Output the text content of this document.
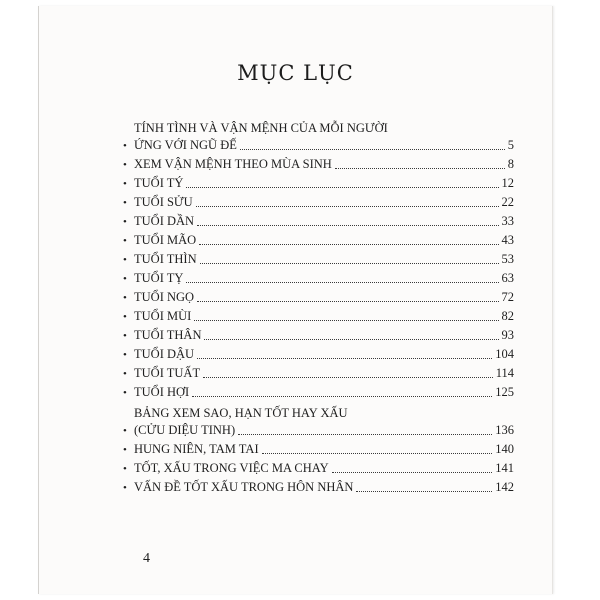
MỤC LỤC
•
TÍNH TÌNH VÀ VẬN MỆNH CỦA MỖI NGƯỜI
ỨNG VỚI NGŨ ĐẾ	5
• XEM VẬN MỆNH THEO MÙA SINH	8
• TUỔI TÝ	12
• TUỔI SỬU	22
• TUỔI DẦN	33
• TUỔI MÃO	43
• TUỔI THÌN	53
• TUỔI TỴ	63
• TUỔI NGỌ	72
• TUỔI MÙI	82
• TUỔI THÂN	93
• TUỔI DẬU	104
• TUỔI TUẤT	114
• TUỔI HỢI	125
•
BẢNG XEM SAO, HẠN TỐT HAY XẤU
(CỬU DIỆU TINH)	136
• HUNG NIÊN, TAM TAI	140
• TỐT, XẤU TRONG VIỆC MA CHAY	141
• VẤN ĐỀ TỐT XẤU TRONG HÔN NHÂN	142
4
